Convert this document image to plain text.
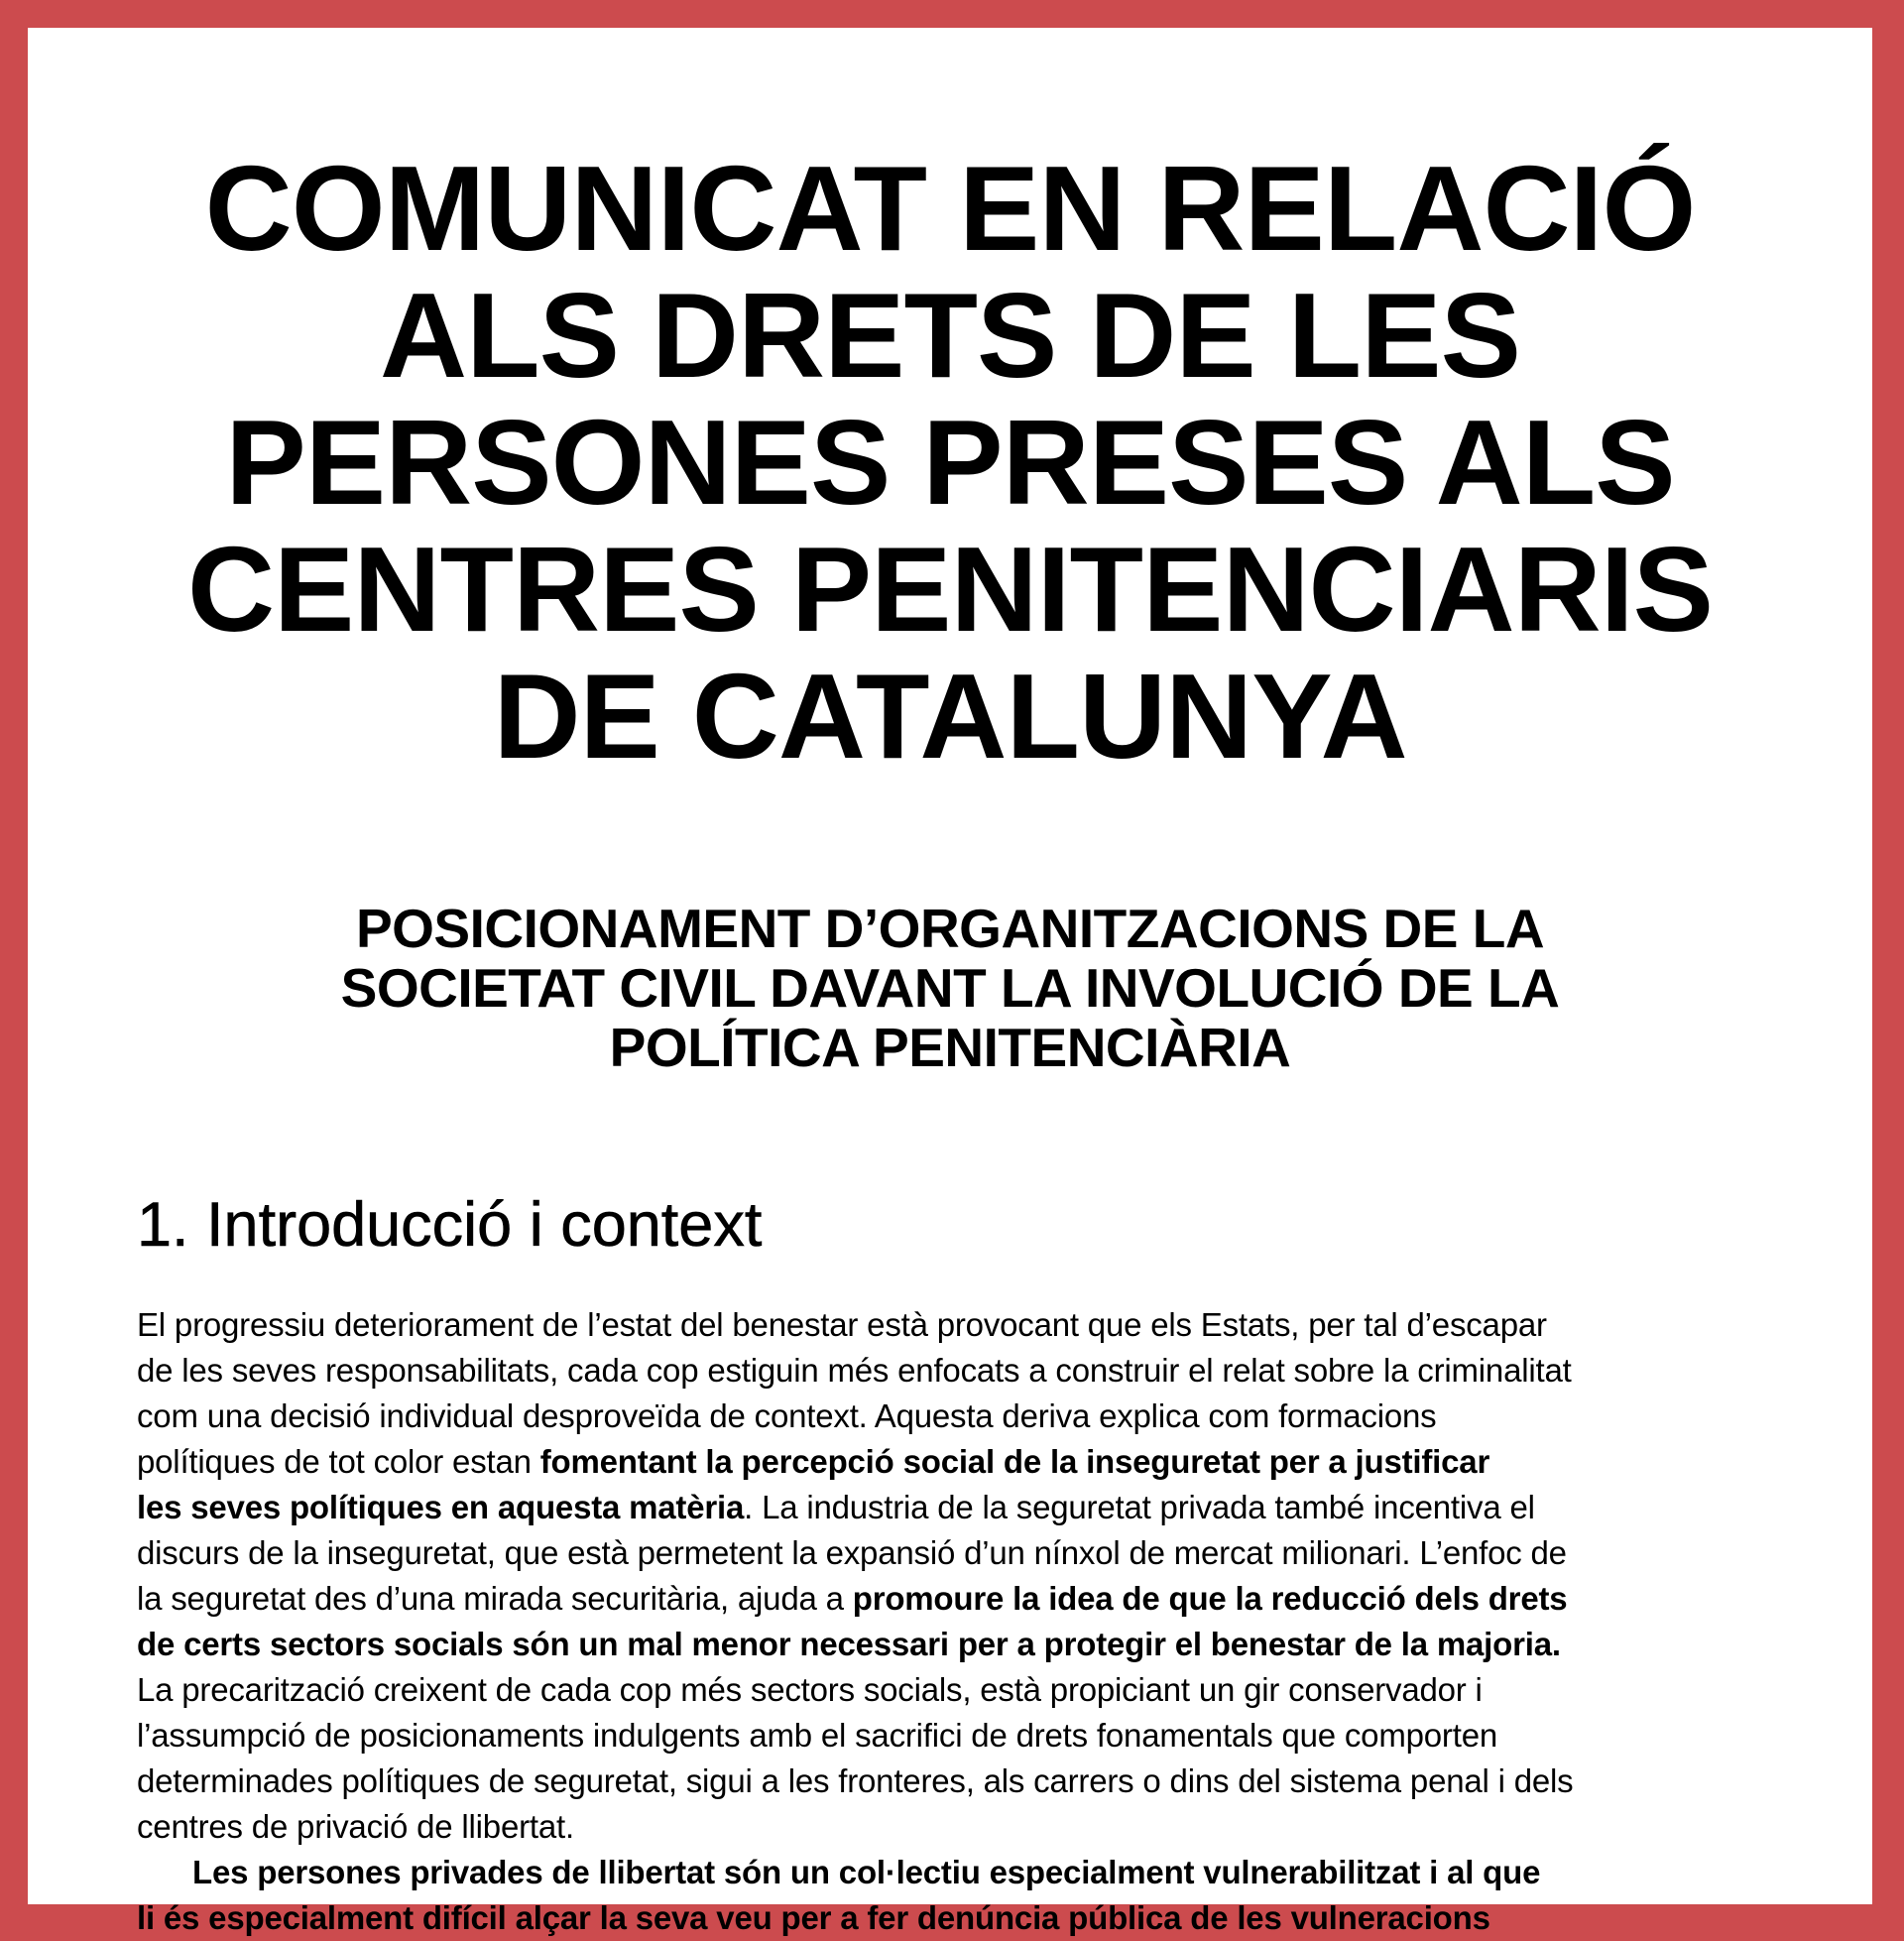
COMUNICAT EN RELACIÓ
ALS DRETS DE LES
PERSONES PRESES ALS
CENTRES PENITENCIARIS
DE CATALUNYA
POSICIONAMENT D’ORGANITZACIONS DE LA
SOCIETAT CIVIL DAVANT LA INVOLUCIÓ DE LA
POLÍTICA PENITENCIÀRIA
1. Introducció i context

El progressiu deteriorament de l’estat del benestar està provocant que els Estats, per tal d’escapar
de les seves responsabilitats, cada cop estiguin més enfocats a construir el relat sobre la criminalitat
com una decisió individual desproveïda de context. Aquesta deriva explica com formacions
polítiques de tot color estan fomentant la percepció social de la inseguretat per a justificar
les seves polítiques en aquesta matèria. La industria de la seguretat privada també incentiva el
discurs de la inseguretat, que està permetent la expansió d’un nínxol de mercat milionari. L’enfoc de
la seguretat des d’una mirada securitària, ajuda a promoure la idea de que la reducció dels drets
de certs sectors socials són un mal menor necessari per a protegir el benestar de la majoria.
La precarització creixent de cada cop més sectors socials, està propiciant un gir conservador i
l’assumpció de posicionaments indulgents amb el sacrifici de drets fonamentals que comporten
determinades polítiques de seguretat, sigui a les fronteres, als carrers o dins del sistema penal i dels
centres de privació de llibertat.
Les persones privades de llibertat són un col·lectiu especialment vulnerabilitzat i al que
li és especialment difícil alçar la seva veu per a fer denúncia pública de les vulneracions
